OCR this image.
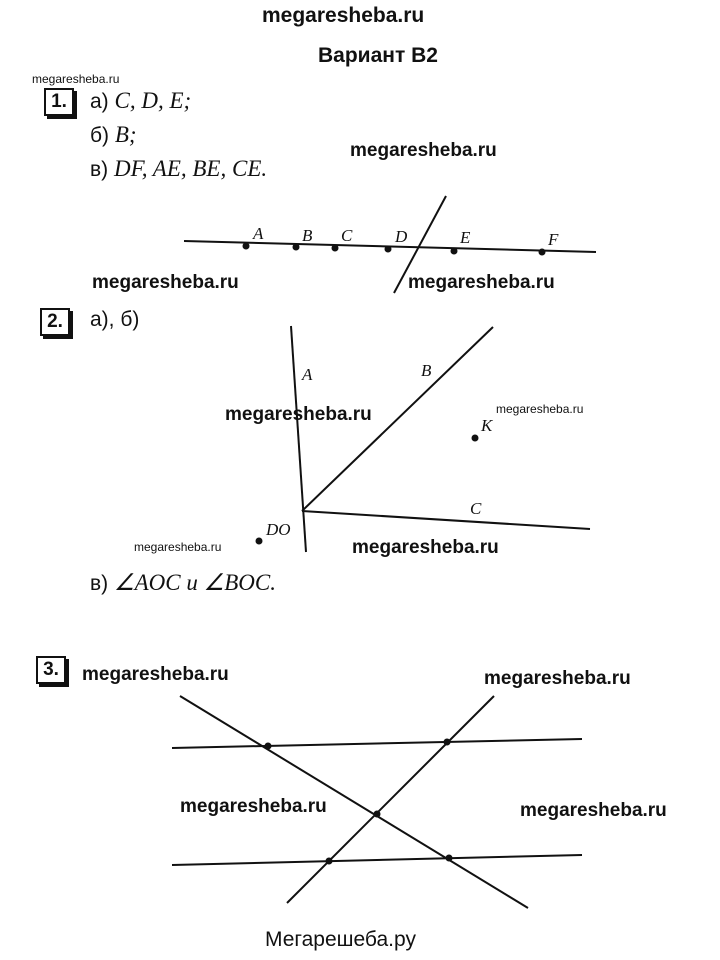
megaresheba.ru
Вариант В2
megaresheba.ru
1.	а) C, D, E;
б) B;
в) DF, AE, BE, CE.
megaresheba.ru
megaresheba.ru	megaresheba.ru
2.	а), б)
megaresheba.ru	megaresheba.ru
megaresheba.ru	megaresheba.ru
в) ∠AOC и ∠BOC.
3.	megaresheba.ru	megaresheba.ru
megaresheba.ru	megaresheba.ru
Мегарешеба.ру
A B C	D	E	F
A	B
C
K
DO
